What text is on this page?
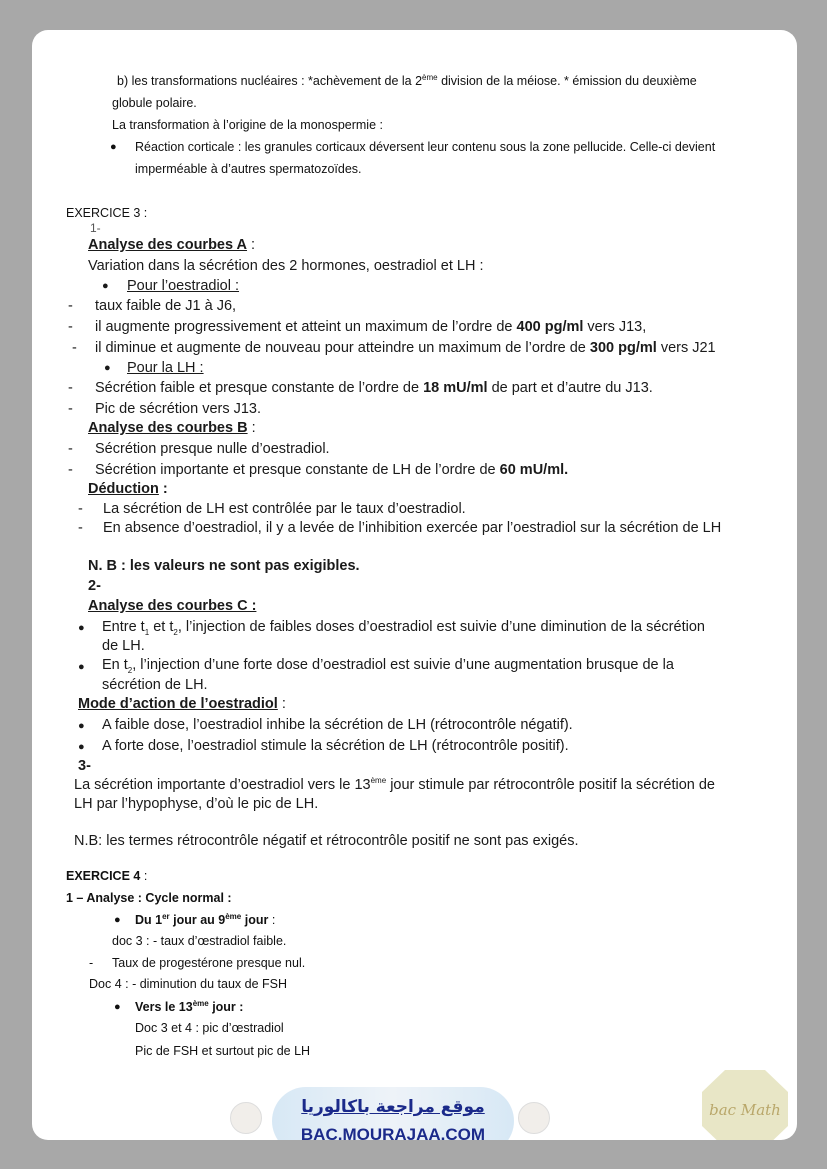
b) les transformations nucléaires : *achèvement de la 2ème division de la méiose. * émission du deuxième
globule polaire.
La transformation à l’origine de la monospermie :
● Réaction corticale : les granules corticaux déversent leur contenu sous la zone pellucide. Celle-ci devient
imperméable à d’autres spermatozoïdes.
EXERCICE 3 :
1-
Analyse des courbes A :
Variation dans la sécrétion des 2 hormones, oestradiol et LH :
● Pour l’oestradiol :
- taux faible de J1 à J6,
- il augmente progressivement et atteint un maximum de l’ordre de 400 pg/ml vers J13,
- il diminue et augmente de nouveau pour atteindre un maximum de l’ordre de 300 pg/ml vers J21
● Pour la LH :
- Sécrétion faible et presque constante de l’ordre de 18 mU/ml de part et d’autre du J13.
- Pic de sécrétion vers J13.
Analyse des courbes B :
- Sécrétion presque nulle d’oestradiol.
- Sécrétion importante et presque constante de LH de l’ordre de 60 mU/ml.
Déduction :
- La sécrétion de LH est contrôlée par le taux d’oestradiol.
- En absence d’oestradiol, il y a levée de l’inhibition exercée par l’oestradiol sur la sécrétion de LH
N. B : les valeurs ne sont pas exigibles.
2-
Analyse des courbes C :
● Entre $t_1$ et $t_2$, l’injection de faibles doses d’oestradiol est suivie d’une diminution de la sécrétion
de LH.
● En $t_2$, l’injection d’une forte dose d’oestradiol est suivie d’une augmentation brusque de la
sécrétion de LH.
Mode d’action de l’oestradiol :
● A faible dose, l’oestradiol inhibe la sécrétion de LH (rétrocontrôle négatif).
● A forte dose, l’oestradiol stimule la sécrétion de LH (rétrocontrôle positif).
3-
La sécrétion importante d’oestradiol vers le 13ème jour stimule par rétrocontrôle positif la sécrétion de
LH par l’hypophyse, d’où le pic de LH.
N.B: les termes rétrocontrôle négatif et rétrocontrôle positif ne sont pas exigés.
EXERCICE 4 :
1 – Analyse : Cycle normal :
● Du 1er jour au 9ème jour :
doc 3 : - taux d’œstradiol faible.
- Taux de progestérone presque nul.
Doc 4 : - diminution du taux de FSH
● Vers le 13ème jour :
Doc 3 et 4 : pic d’œstradiol
Pic de FSH et surtout pic de LH
موقع مراجعة باكالوريا
BAC.MOURAJAA.COM
bac Math
